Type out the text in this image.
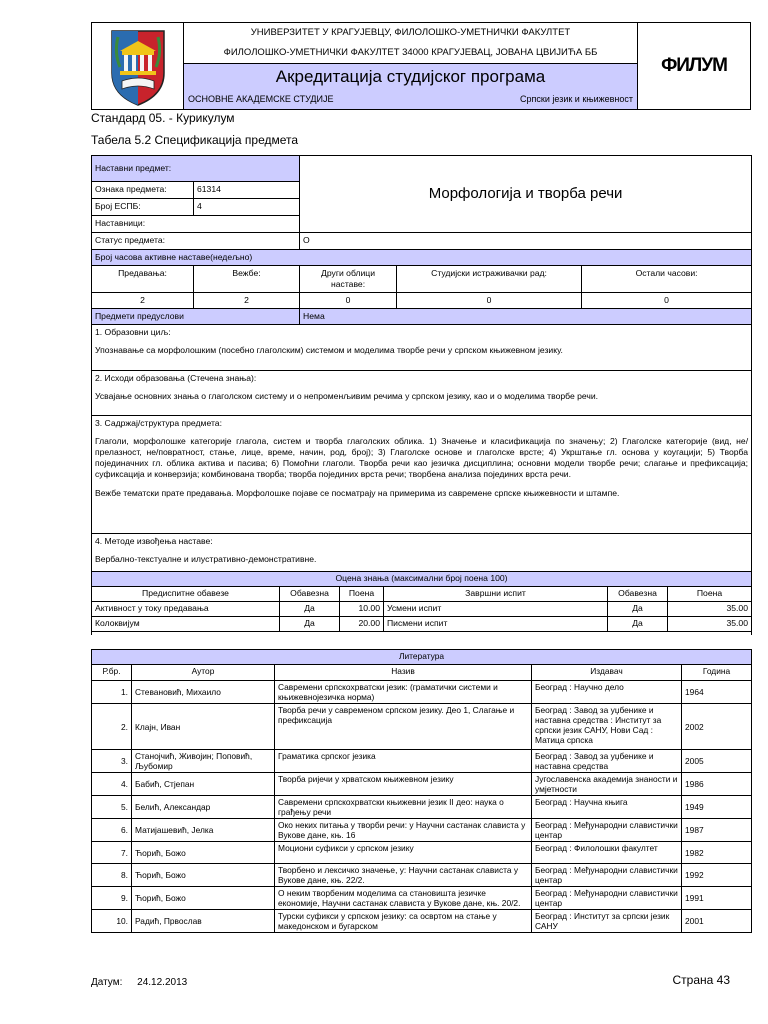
УНИВЕРЗИТЕТ У КРАГУЈЕВЦУ, ФИЛОЛОШКО-УМЕТНИЧКИ ФАКУЛТЕТ
ФИЛОЛОШКО-УМЕТНИЧКИ ФАКУЛТЕТ 34000 КРАГУЈЕВАЦ, ЈОВАНА ЦВИЈИЋА ББ
Акредитација студијског програма
ОСНОВНЕ АКАДЕМСКЕ СТУДИЈЕ	Српски језик и књижевност
ФИЛУМ
Стандард 05. - Курикулум
Табела 5.2 Спецификација предмета
Наставни предмет:		Морфологија и творба речи		
Ознака предмета:	61314			
Број ЕСПБ:	4			
Наставници:				
Статус предмета:		О		
Број часова активне наставе(недељно)				
Предавања:	Вежбе:	Други облици наставе:	Студијски истраживачки рад:	Остали часови:
2	2	0	0	0
Предмети предуслови		Нема		

1. Образовни циљ:
Упознавање са морфолошким (посебно глаголским) системом и моделима творбе речи у српском књижевном језику.				

2. Исходи образовања (Стечена знања):
Усвајање основних знања о глаголском систему и о непроменљивим речима у српском језику, као и о моделима творбе речи.				

3. Садржај/структура предмета:
Глаголи, морфолошке категорије глагола, систем и творба глаголских облика. 1) Значење и класификација по значењу; 2) Глаголске категорије (вид, не/прелазност, не/повратност, стање, лице, време, начин, род, број); 3) Глаголске основе и глаголске врсте; 4) Укрштање гл. основа у коугацији; 5) Творба појединачних гл. облика актива и пасива; 6) Помоћни глаголи. Творба речи као језичка дисциплина; основни модели творбе речи; слагање и префиксација; суфиксација и конверзија; комбинована творба; творба појединих врста речи; творбена анализа појединих врста речи.
Вежбе тематски прате предавања. Морфолошке појаве се посматрају на примерима из савремене српске књижевности и штампе.				

4. Методе извођења наставе:
Вербално-текстуалне и илустративно-демонстративне.				
Оцена знања (максимални број поена 100)					
Предиспитне обавезе	Обавезна	Поена	Завршни испит	Обавезна	Поена
Активност у току предавања	Да	10.00	Усмени испит	Да	35.00
Колоквијум	Да	20.00	Писмени испит	Да	35.00

Литература				
Р.бр.	Аутор	Назив	Издавач	Година
1.	Стевановић, Михаило	Савремени српскохрватски језик: (граматички системи и књижевнојезичка норма)	Београд : Научно дело	1964
2.	Клајн, Иван	Творба речи у савременом српском језику. Део 1, Слагање и префиксација	Београд : Завод за уџбенике и наставна средства : Институт за српски језик САНУ, Нови Сад : Матица српска	2002
3.	Станојчић, Живојин; Поповић, Љубомир	Граматика српског језика	Београд : Завод за уџбенике и наставна средства	2005
4.	Бабић, Стјепан	Творба ријечи у хрватском књижевном језику	Југославенска академија знаности и умјетности	1986
5.	Белић, Александар	Савремени српскохрватски књижевни језик II део: наука о грађењу речи	Београд : Научна књига	1949
6.	Матијашевић, Јелка	Око неких питања у творби речи: у Научни састанак слависта у Вукове дане, књ. 16	Београд : Међународни славистички центар	1987
7.	Ћорић, Божо	Моциони суфикси у српском језику	Београд : Филолошки факултет	1982
8.	Ћорић, Божо	Творбено и лексичко значење, у: Научни састанак слависта у Вукове дане, књ. 22/2.	Београд : Међународни славистички центар	1992
9.	Ћорић, Божо	О неким творбеним моделима са становишта језичке економије, Научни састанак слависта у Вукове дане, књ. 20/2.	Београд : Међународни славистички центар	1991
10.	Радић, Првослав	Турски суфикси у српском језику: са освртом на стање у македонском и бугарском	Београд : Институт за српски језик САНУ	2001
Датум: 24.12.2013	Страна 43
